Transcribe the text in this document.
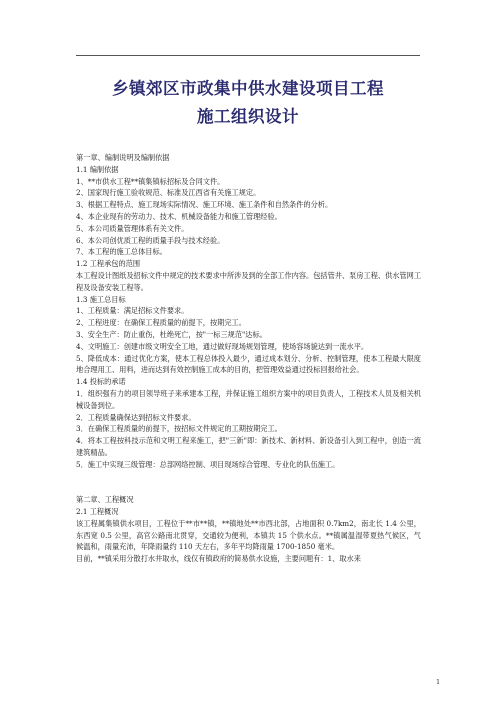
乡镇郊区市政集中供水建设项目工程
施工组织设计

第一章、编制说明及编制依据

1.1 编制依据

1、**市供水工程**镇集镇标招标及合同文件。

2、国家现行施工验收规范、标准及江西省有关施工规定。

3、根据工程特点、施工现场实际情况、施工环境、施工条件和自然条件的分析。

4、本企业现有的劳动力、技术、机械设备能力和施工管理经验。

5、本公司质量管理体系有关文件。

6、本公司创优质工程的质量手段与技术经验。

7、本工程的施工总体目标。

1.2 工程承包的范围

本工程设计图纸及招标文件中规定的技术要求中所涉及到的全部工作内容。包括管井、泵房工程、供水管网工程及设备安装工程等。

1.3 施工总目标

1、工程质量：满足招标文件要求。

2、工程进度：在确保工程质量的前提下，按期完工。

3、安全生产：防止重伤，杜绝死亡，按"一标三规范"达标。

4、文明施工：创建市级文明安全工地，通过做好现场规划管理，使场容场貌达到一流水平。

5、降低成本：通过优化方案，使本工程总体投入最少，通过成本划分、分析、控制管理，使本工程最大限度地合理用工、用料，进而达到有效控制施工成本的目的，把管理效益通过投标回报给社会。

1.4 投标的承诺

1．组织强有力的项目领导班子来承建本工程，并保证施工组织方案中的项目负责人，工程技术人员及相关机械设备到位。

2．工程质量确保达到招标文件要求。

3．在确保工程质量的前提下，按招标文件规定的工期按期完工。

4．将本工程按科技示范和文明工程来施工，把"三新"即：新技术、新材料、新设备引入到工程中，创造一流建筑精品。

5．施工中实现三级管理：总部网络控制、项目现场综合管理、专业化的队伍施工。

第二章、工程概况

2.1 工程概况

该工程属集镇供水项目，工程位于**市**镇，**镇地处**市西北部，占地面积 0.7km2，南北长 1.4 公里，东西宽 0.5 公里，高官公路南北贯穿，交通较为便利，本镇共 15 个供水点。**镇属温湿带夏热气候区，气候温和，雨量充沛，年降雨量约 110 天左右，多年平均降雨量 1700-1850 毫米。

目前，**镇采用分散打水井取水，线仅有镇政府的简易供水设施，主要问题有：1、取水来

1
